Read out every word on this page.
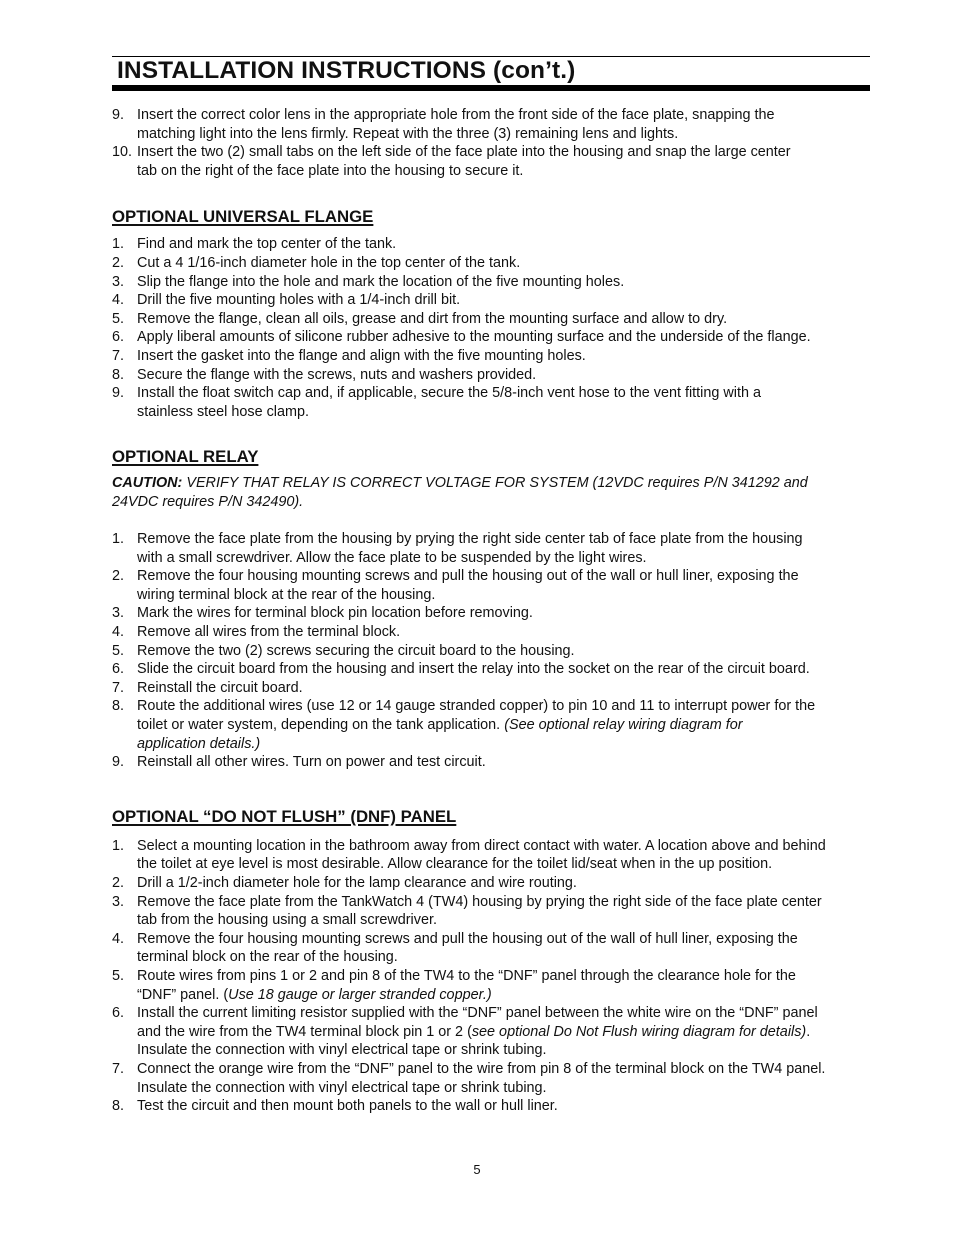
INSTALLATION INSTRUCTIONS (con’t.)
9. Insert the correct color lens in the appropriate hole from the front side of the face plate, snapping the
matching light into the lens firmly. Repeat with the three (3) remaining lens and lights.
10. Insert the two (2) small tabs on the left side of the face plate into the housing and snap the large center
tab on the right of the face plate into the housing to secure it.
OPTIONAL UNIVERSAL FLANGE
1. Find and mark the top center of the tank.
2. Cut a 4 1/16-inch diameter hole in the top center of the tank.
3. Slip the flange into the hole and mark the location of the five mounting holes.
4. Drill the five mounting holes with a 1/4-inch drill bit.
5. Remove the flange, clean all oils, grease and dirt from the mounting surface and allow to dry.
6. Apply liberal amounts of silicone rubber adhesive to the mounting surface and the underside of the flange.
7. Insert the gasket into the flange and align with the five mounting holes.
8. Secure the flange with the screws, nuts and washers provided.
9. Install the float switch cap and, if applicable, secure the 5/8-inch vent hose to the vent fitting with a
stainless steel hose clamp.
OPTIONAL RELAY
CAUTION: VERIFY THAT RELAY IS CORRECT VOLTAGE FOR SYSTEM (12VDC requires P/N 341292 and
24VDC requires P/N 342490).
1. Remove the face plate from the housing by prying the right side center tab of face plate from the housing
with a small screwdriver. Allow the face plate to be suspended by the light wires.
2. Remove the four housing mounting screws and pull the housing out of the wall or hull liner, exposing the
wiring terminal block at the rear of the housing.
3. Mark the wires for terminal block pin location before removing.
4. Remove all wires from the terminal block.
5. Remove the two (2) screws securing the circuit board to the housing.
6. Slide the circuit board from the housing and insert the relay into the socket on the rear of the circuit board.
7. Reinstall the circuit board.
8. Route the additional wires (use 12 or 14 gauge stranded copper) to pin 10 and 11 to interrupt power for the
toilet or water system, depending on the tank application. (See optional relay wiring diagram for
application details.)
9. Reinstall all other wires. Turn on power and test circuit.
OPTIONAL “DO NOT FLUSH” (DNF) PANEL
1. Select a mounting location in the bathroom away from direct contact with water. A location above and behind
the toilet at eye level is most desirable. Allow clearance for the toilet lid/seat when in the up position.
2. Drill a 1/2-inch diameter hole for the lamp clearance and wire routing.
3. Remove the face plate from the TankWatch 4 (TW4) housing by prying the right side of the face plate center
tab from the housing using a small screwdriver.
4. Remove the four housing mounting screws and pull the housing out of the wall of hull liner, exposing the
terminal block on the rear of the housing.
5. Route wires from pins 1 or 2 and pin 8 of the TW4 to the “DNF” panel through the clearance hole for the
“DNF” panel. (Use 18 gauge or larger stranded copper.)
6. Install the current limiting resistor supplied with the “DNF” panel between the white wire on the “DNF” panel
and the wire from the TW4 terminal block pin 1 or 2 (see optional Do Not Flush wiring diagram for details).
Insulate the connection with vinyl electrical tape or shrink tubing.
7. Connect the orange wire from the “DNF” panel to the wire from pin 8 of the terminal block on the TW4 panel.
Insulate the connection with vinyl electrical tape or shrink tubing.
8. Test the circuit and then mount both panels to the wall or hull liner.
5
